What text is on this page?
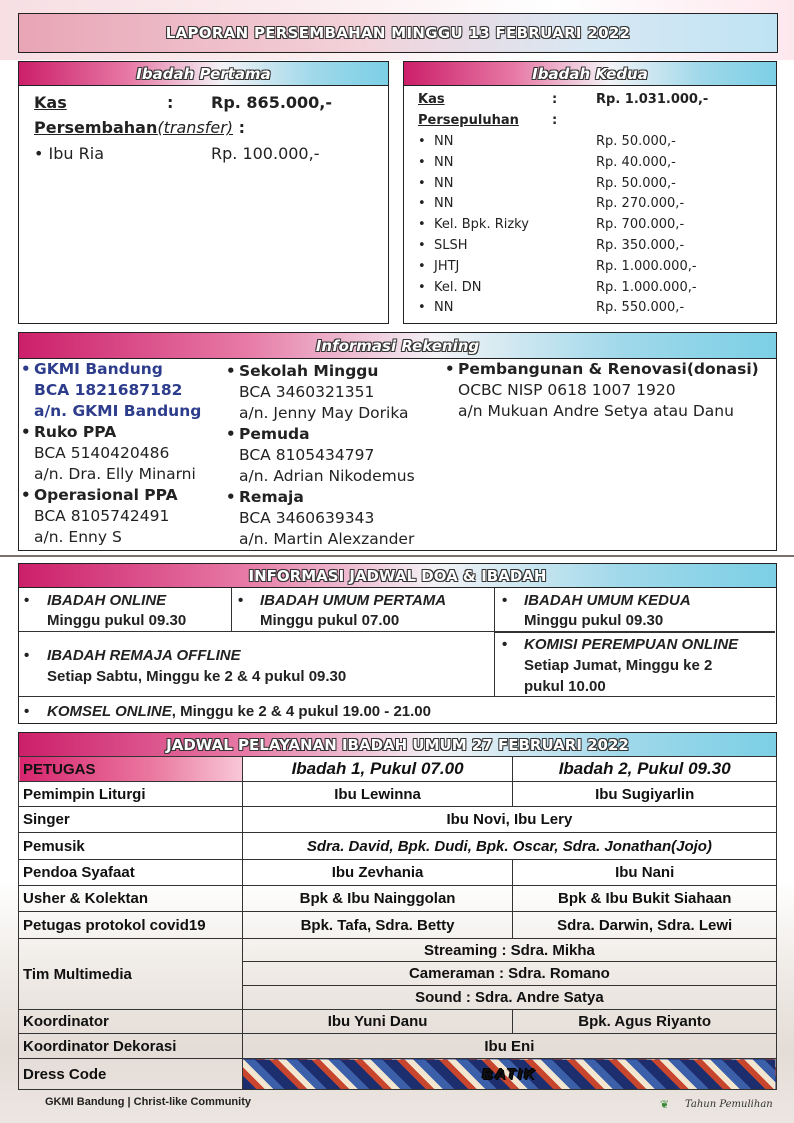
LAPORAN PERSEMBAHAN MINGGU 13 FEBRUARI 2022
Ibadah Pertama
Kas	: Rp. 865.000,-
Persembahan(transfer) :
• Ibu Ria	Rp. 100.000,-
Ibadah Kedua
Kas	:	Rp. 1.031.000,-
Persepuluhan	:
• NN	Rp. 50.000,-
• NN	Rp. 40.000,-
• NN	Rp. 50.000,-
• NN	Rp. 270.000,-
• Kel. Bpk. Rizky	Rp. 700.000,-
• SLSH	Rp. 350.000,-
• JHTJ	Rp. 1.000.000,-
• Kel. DN	Rp. 1.000.000,-
• NN	Rp. 550.000,-
Informasi Rekening
• GKMI Bandung
BCA 1821687182
a/n. GKMI Bandung
• Ruko PPA
BCA 5140420486
a/n. Dra. Elly Minarni
• Operasional PPA
BCA 8105742491
a/n. Enny S
• Sekolah Minggu
BCA 3460321351
a/n. Jenny May Dorika
• Pemuda
BCA 8105434797
a/n. Adrian Nikodemus
• Remaja
BCA 3460639343
a/n. Martin Alexzander
• Pembangunan & Renovasi(donasi)
OCBC NISP 0618 1007 1920
a/n Mukuan Andre Setya atau Danu
INFORMASI JADWAL DOA & IBADAH
• IBADAH ONLINE
Minggu pukul 09.30
• IBADAH UMUM PERTAMA
Minggu pukul 07.00
• IBADAH UMUM KEDUA
Minggu pukul 09.30
• IBADAH REMAJA OFFLINE
Setiap Sabtu, Minggu ke 2 & 4 pukul 09.30
• KOMISI PEREMPUAN ONLINE
Setiap Jumat, Minggu ke 2
pukul 10.00
• KOMSEL ONLINE, Minggu ke 2 & 4 pukul 19.00 - 21.00
JADWAL PELAYANAN IBADAH UMUM 27 FEBRUARI 2022
PETUGAS	Ibadah 1, Pukul 07.00	Ibadah 2, Pukul 09.30
Pemimpin Liturgi	Ibu Lewinna	Ibu Sugiyarlin
Singer	Ibu Novi, Ibu Lery	
Pemusik	Sdra. David, Bpk. Dudi, Bpk. Oscar, Sdra. Jonathan(Jojo)	
Pendoa Syafaat	Ibu Zevhania	Ibu Nani
Usher & Kolektan	Bpk & Ibu Nainggolan	Bpk & Ibu Bukit Siahaan
Petugas protokol covid19	Bpk. Tafa, Sdra. Betty	Sdra. Darwin, Sdra. Lewi
Tim Multimedia	Streaming : Sdra. Mikha	
	Cameraman : Sdra. Romano	
	Sound : Sdra. Andre Satya	
Koordinator	Ibu Yuni Danu	Bpk. Agus Riyanto
Koordinator Dekorasi	Ibu Eni	
Dress Code	BATIK	
GKMI Bandung | Christ-like Community	❦ Tahun Pemulihan
